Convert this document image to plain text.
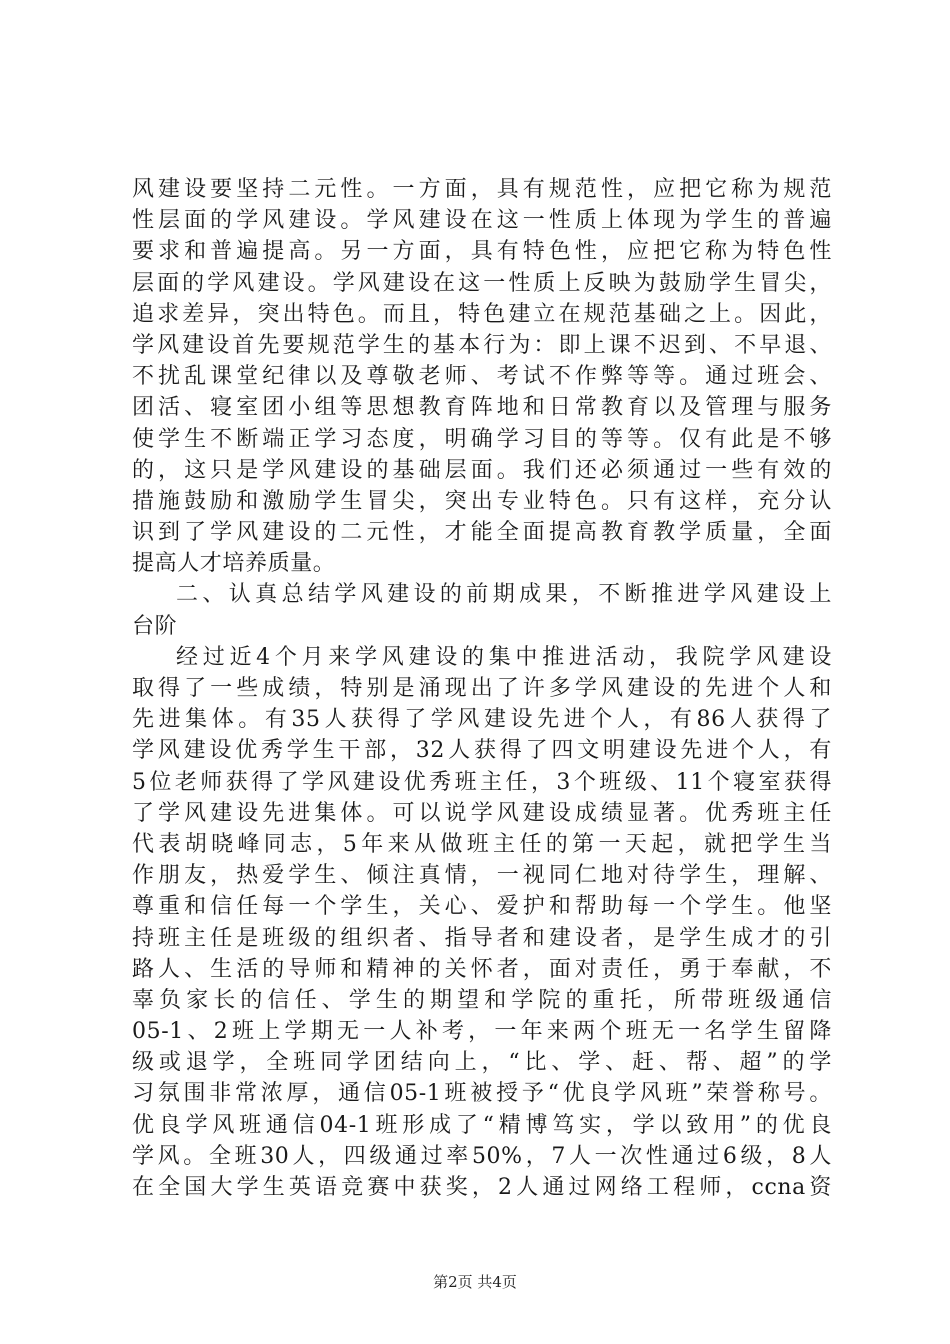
风建设要坚持二元性。一方面，具有规范性，应把它称为规范
性层面的学风建设。学风建设在这一性质上体现为学生的普遍
要求和普遍提高。另一方面，具有特色性，应把它称为特色性
层面的学风建设。学风建设在这一性质上反映为鼓励学生冒尖，
追求差异，突出特色。而且，特色建立在规范基础之上。因此，
学风建设首先要规范学生的基本行为：即上课不迟到、不早退、
不扰乱课堂纪律以及尊敬老师、考试不作弊等等。通过班会、
团活、寝室团小组等思想教育阵地和日常教育以及管理与服务
使学生不断端正学习态度，明确学习目的等等。仅有此是不够
的，这只是学风建设的基础层面。我们还必须通过一些有效的
措施鼓励和激励学生冒尖，突出专业特色。只有这样，充分认
识到了学风建设的二元性，才能全面提高教育教学质量，全面
提高人才培养质量。
二、认真总结学风建设的前期成果，不断推进学风建设上
台阶
经过近4个月来学风建设的集中推进活动，我院学风建设
取得了一些成绩，特别是涌现出了许多学风建设的先进个人和
先进集体。有35人获得了学风建设先进个人，有86人获得了
学风建设优秀学生干部，32人获得了四文明建设先进个人，有
5位老师获得了学风建设优秀班主任，3个班级、11个寝室获得
了学风建设先进集体。可以说学风建设成绩显著。优秀班主任
代表胡晓峰同志，5年来从做班主任的第一天起，就把学生当
作朋友，热爱学生、倾注真情，一视同仁地对待学生，理解、
尊重和信任每一个学生，关心、爱护和帮助每一个学生。他坚
持班主任是班级的组织者、指导者和建设者，是学生成才的引
路人、生活的导师和精神的关怀者，面对责任，勇于奉献，不
辜负家长的信任、学生的期望和学院的重托，所带班级通信
05-1、2班上学期无一人补考，一年来两个班无一名学生留降
级或退学，全班同学团结向上，“比、学、赶、帮、超”的学
习氛围非常浓厚，通信05-1班被授予“优良学风班”荣誉称号。
优良学风班通信04-1班形成了“精博笃实，学以致用”的优良
学风。全班30人，四级通过率50%，7人一次性通过6级，8人
在全国大学生英语竞赛中获奖，2人通过网络工程师，ccna资
第2页 共4页
